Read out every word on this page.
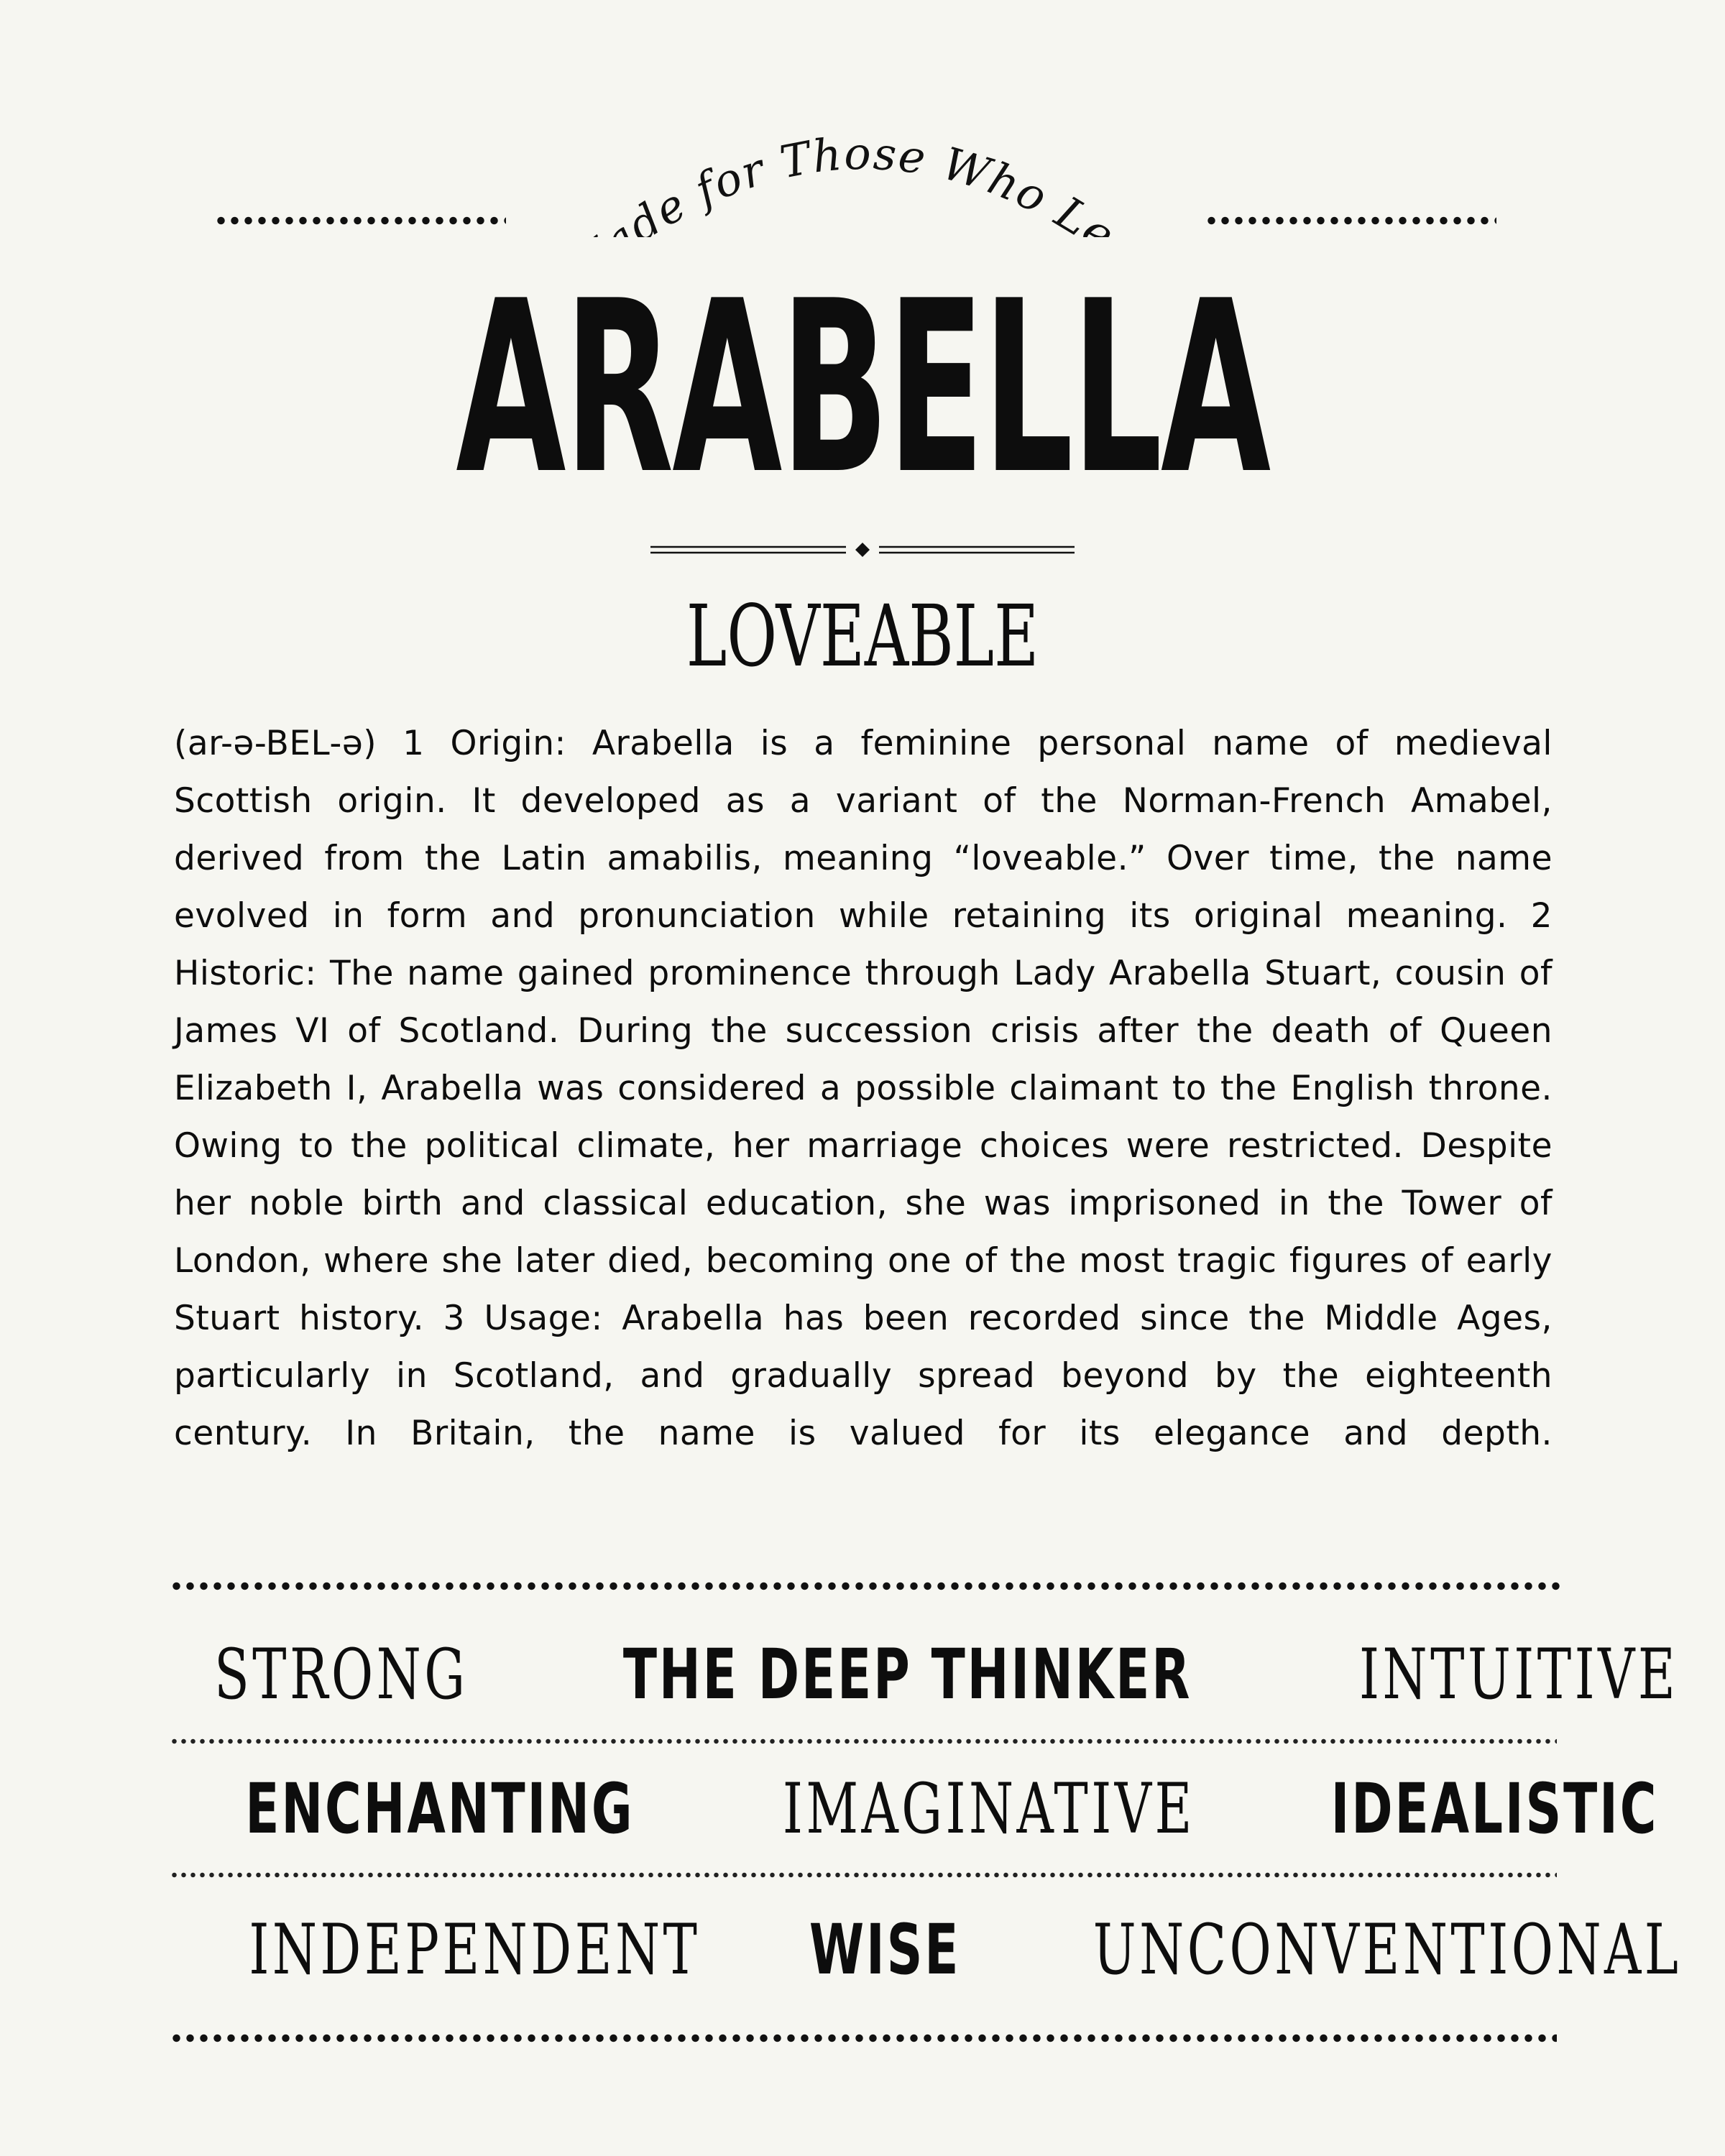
de for Those Who Le
ARABELLA
LOVEABLE
(ar-ə-BEL-ə) 1 Origin: Arabella is a feminine personal name of medieval Scottish origin. It developed as a variant of the Norman-French Amabel, derived from the Latin amabilis, meaning “loveable.” Over time, the name evolved in form and pronunciation while retaining its original meaning. 2 Historic: The name gained prominence through Lady Arabella Stuart, cousin of James VI of Scotland. During the succession crisis after the death of Queen Elizabeth I, Arabella was considered a possible claimant to the English throne. Owing to the political climate, her marriage choices were restricted. Despite her noble birth and classical education, she was imprisoned in the Tower of London, where she later died, becoming one of the most tragic figures of early Stuart history. 3 Usage: Arabella has been recorded since the Middle Ages, particularly in Scotland, and gradually spread beyond by the eighteenth century. In Britain, the name is valued for its elegance and depth.
STRONG THE DEEP THINKER INTUITIVE
ENCHANTING IMAGINATIVE IDEALISTIC
INDEPENDENT WISE UNCONVENTIONAL
